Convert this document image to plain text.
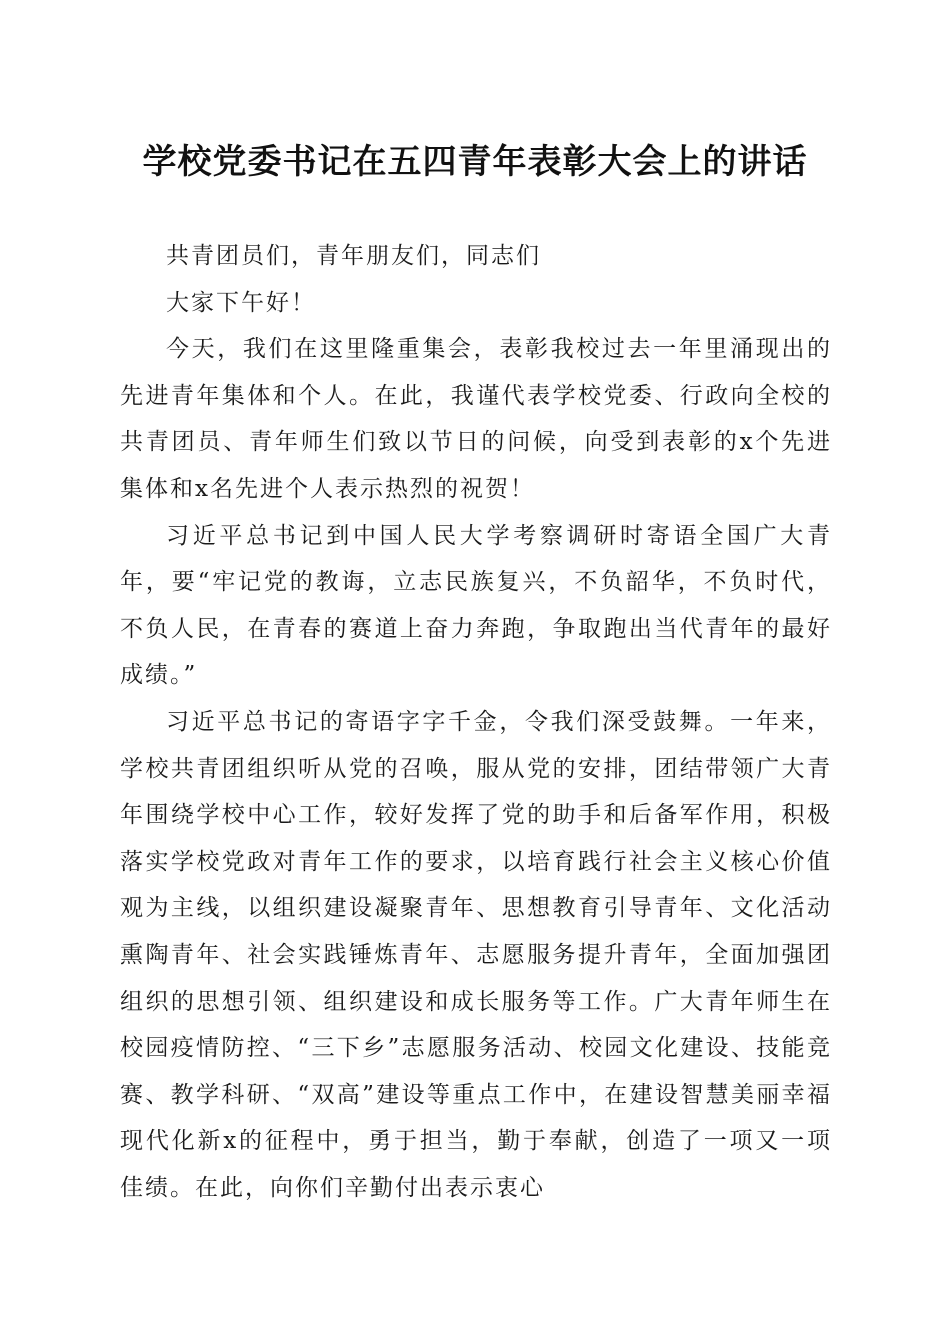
学校党委书记在五四青年表彰大会上的讲话

共青团员们，青年朋友们，同志们

大家下午好！

今天，我们在这里隆重集会，表彰我校过去一年里涌现出的先进青年集体和个人。在此，我谨代表学校党委、行政向全校的共青团员、青年师生们致以节日的问候，向受到表彰的x个先进集体和x名先进个人表示热烈的祝贺！

习近平总书记到中国人民大学考察调研时寄语全国广大青年，要“牢记党的教诲，立志民族复兴，不负韶华，不负时代，不负人民，在青春的赛道上奋力奔跑，争取跑出当代青年的最好成绩。”

习近平总书记的寄语字字千金，令我们深受鼓舞。一年来，学校共青团组织听从党的召唤，服从党的安排，团结带领广大青年围绕学校中心工作，较好发挥了党的助手和后备军作用，积极落实学校党政对青年工作的要求，以培育践行社会主义核心价值观为主线，以组织建设凝聚青年、思想教育引导青年、文化活动熏陶青年、社会实践锤炼青年、志愿服务提升青年，全面加强团组织的思想引领、组织建设和成长服务等工作。广大青年师生在校园疫情防控、“三下乡”志愿服务活动、校园文化建设、技能竞赛、教学科研、“双高”建设等重点工作中，在建设智慧美丽幸福现代化新x的征程中，勇于担当，勤于奉献，创造了一项又一项佳绩。在此，向你们辛勤付出表示衷心
